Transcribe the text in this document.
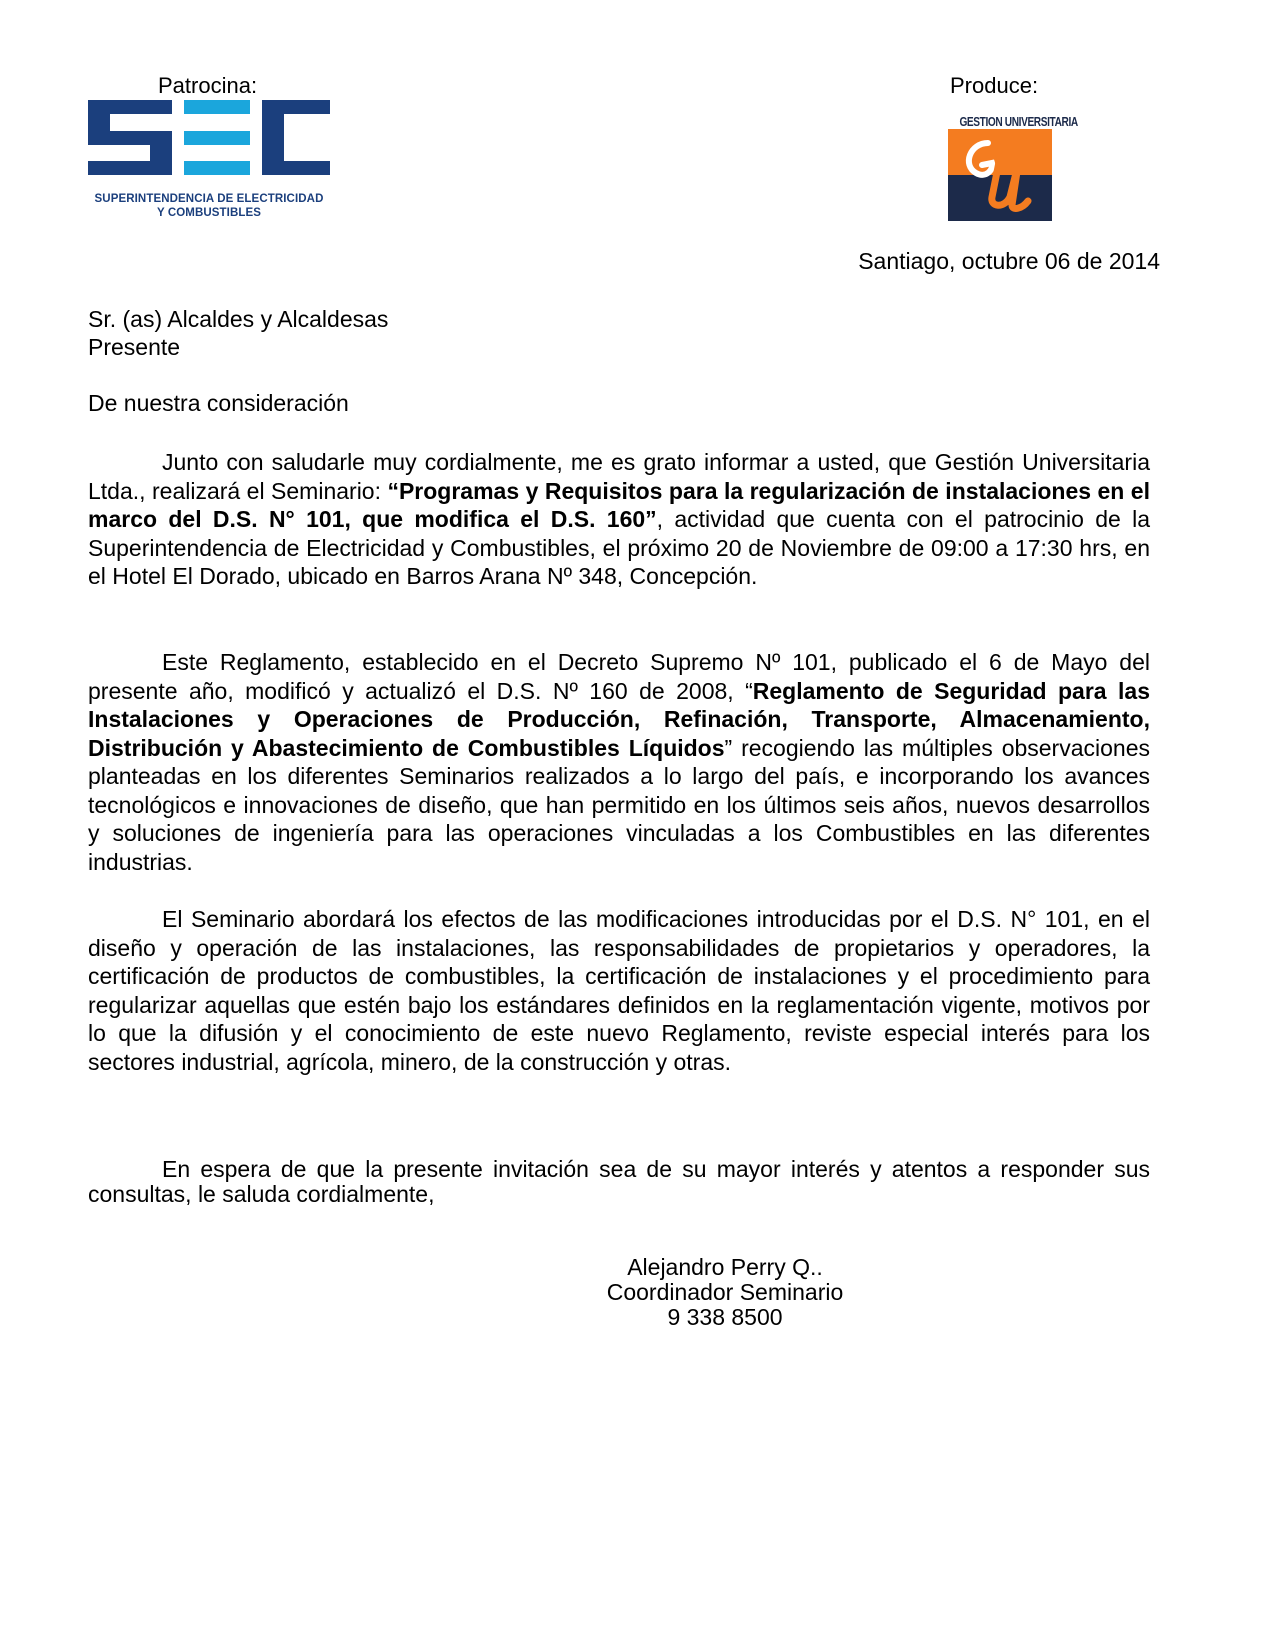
Patrocina:	Produce:
SUPERINTENDENCIA DE ELECTRICIDAD
Y COMBUSTIBLES
GESTION UNIVERSITARIA
Santiago, octubre 06 de 2014
Sr. (as) Alcaldes y Alcaldesas
Presente
De nuestra consideración

Junto con saludarle muy cordialmente, me es grato informar a usted, que Gestión Universitaria Ltda., realizará el Seminario: “Programas y Requisitos para la regularización de instalaciones en el marco del D.S. N° 101, que modifica el D.S. 160”, actividad que cuenta con el patrocinio de la Superintendencia de Electricidad y Combustibles, el próximo 20 de Noviembre de 09:00 a 17:30 hrs, en el Hotel El Dorado, ubicado en Barros Arana Nº 348, Concepción.

Este Reglamento, establecido en el Decreto Supremo Nº 101, publicado el 6 de Mayo del presente año, modificó y actualizó el D.S. Nº 160 de 2008, “Reglamento de Seguridad para las Instalaciones y Operaciones de Producción, Refinación, Transporte, Almacenamiento, Distribución y Abastecimiento de Combustibles Líquidos” recogiendo las múltiples observaciones planteadas en los diferentes Seminarios realizados a lo largo del país, e incorporando los avances tecnológicos e innovaciones de diseño, que han permitido en los últimos seis años, nuevos desarrollos y soluciones de ingeniería para las operaciones vinculadas a los Combustibles en las diferentes industrias.

El Seminario abordará los efectos de las modificaciones introducidas por el D.S. N° 101, en el diseño y operación de las instalaciones, las responsabilidades de propietarios y operadores, la certificación de productos de combustibles, la certificación de instalaciones y el procedimiento para regularizar aquellas que estén bajo los estándares definidos en la reglamentación vigente, motivos por lo que la difusión y el conocimiento de este nuevo Reglamento, reviste especial interés para los sectores industrial, agrícola, minero, de la construcción y otras.

En espera de que la presente invitación sea de su mayor interés y atentos a responder sus consultas, le saluda cordialmente,

Alejandro Perry Q..
Coordinador Seminario
9 338 8500
